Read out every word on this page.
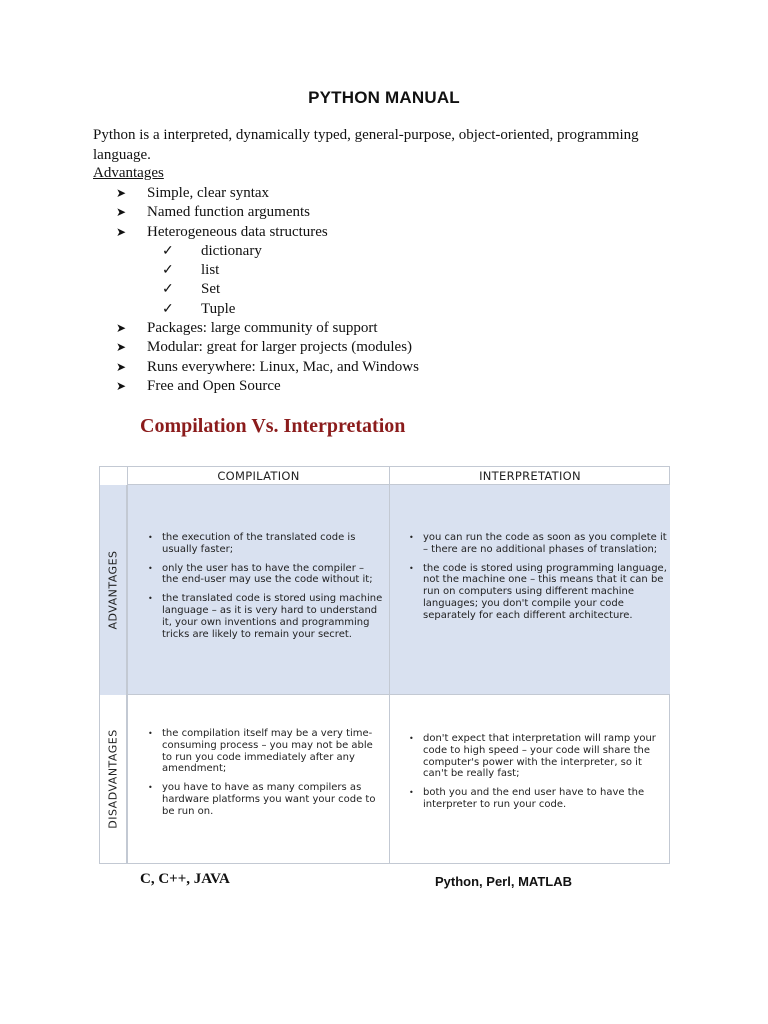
PYTHON MANUAL
Python is a interpreted, dynamically typed, general-purpose, object-oriented, programming language.
Advantages
➤ Simple, clear syntax
➤ Named function arguments
➤ Heterogeneous data structures
✓ dictionary
✓ list
✓ Set
✓ Tuple
➤ Packages: large community of support
➤ Modular: great for larger projects (modules)
➤ Runs everywhere: Linux, Mac, and Windows
➤ Free and Open Source
Compilation Vs. Interpretation
COMPILATION	INTERPRETATION
ADVANTAGES
DISADVANTAGES
• the execution of the translated code is usually faster;
• only the user has to have the compiler – the end-user may use the code without it;
• the translated code is stored using machine language – as it is very hard to understand it, your own inventions and programming tricks are likely to remain your secret.
• you can run the code as soon as you complete it – there are no additional phases of translation;
• the code is stored using programming language, not the machine one – this means that it can be run on computers using different machine languages; you don't compile your code separately for each different architecture.
• the compilation itself may be a very time-consuming process – you may not be able to run you code immediately after any amendment;
• you have to have as many compilers as hardware platforms you want your code to be run on.
• don't expect that interpretation will ramp your code to high speed – your code will share the computer's power with the interpreter, so it can't be really fast;
• both you and the end user have to have the interpreter to run your code.
C, C++, JAVA	Python, Perl, MATLAB
